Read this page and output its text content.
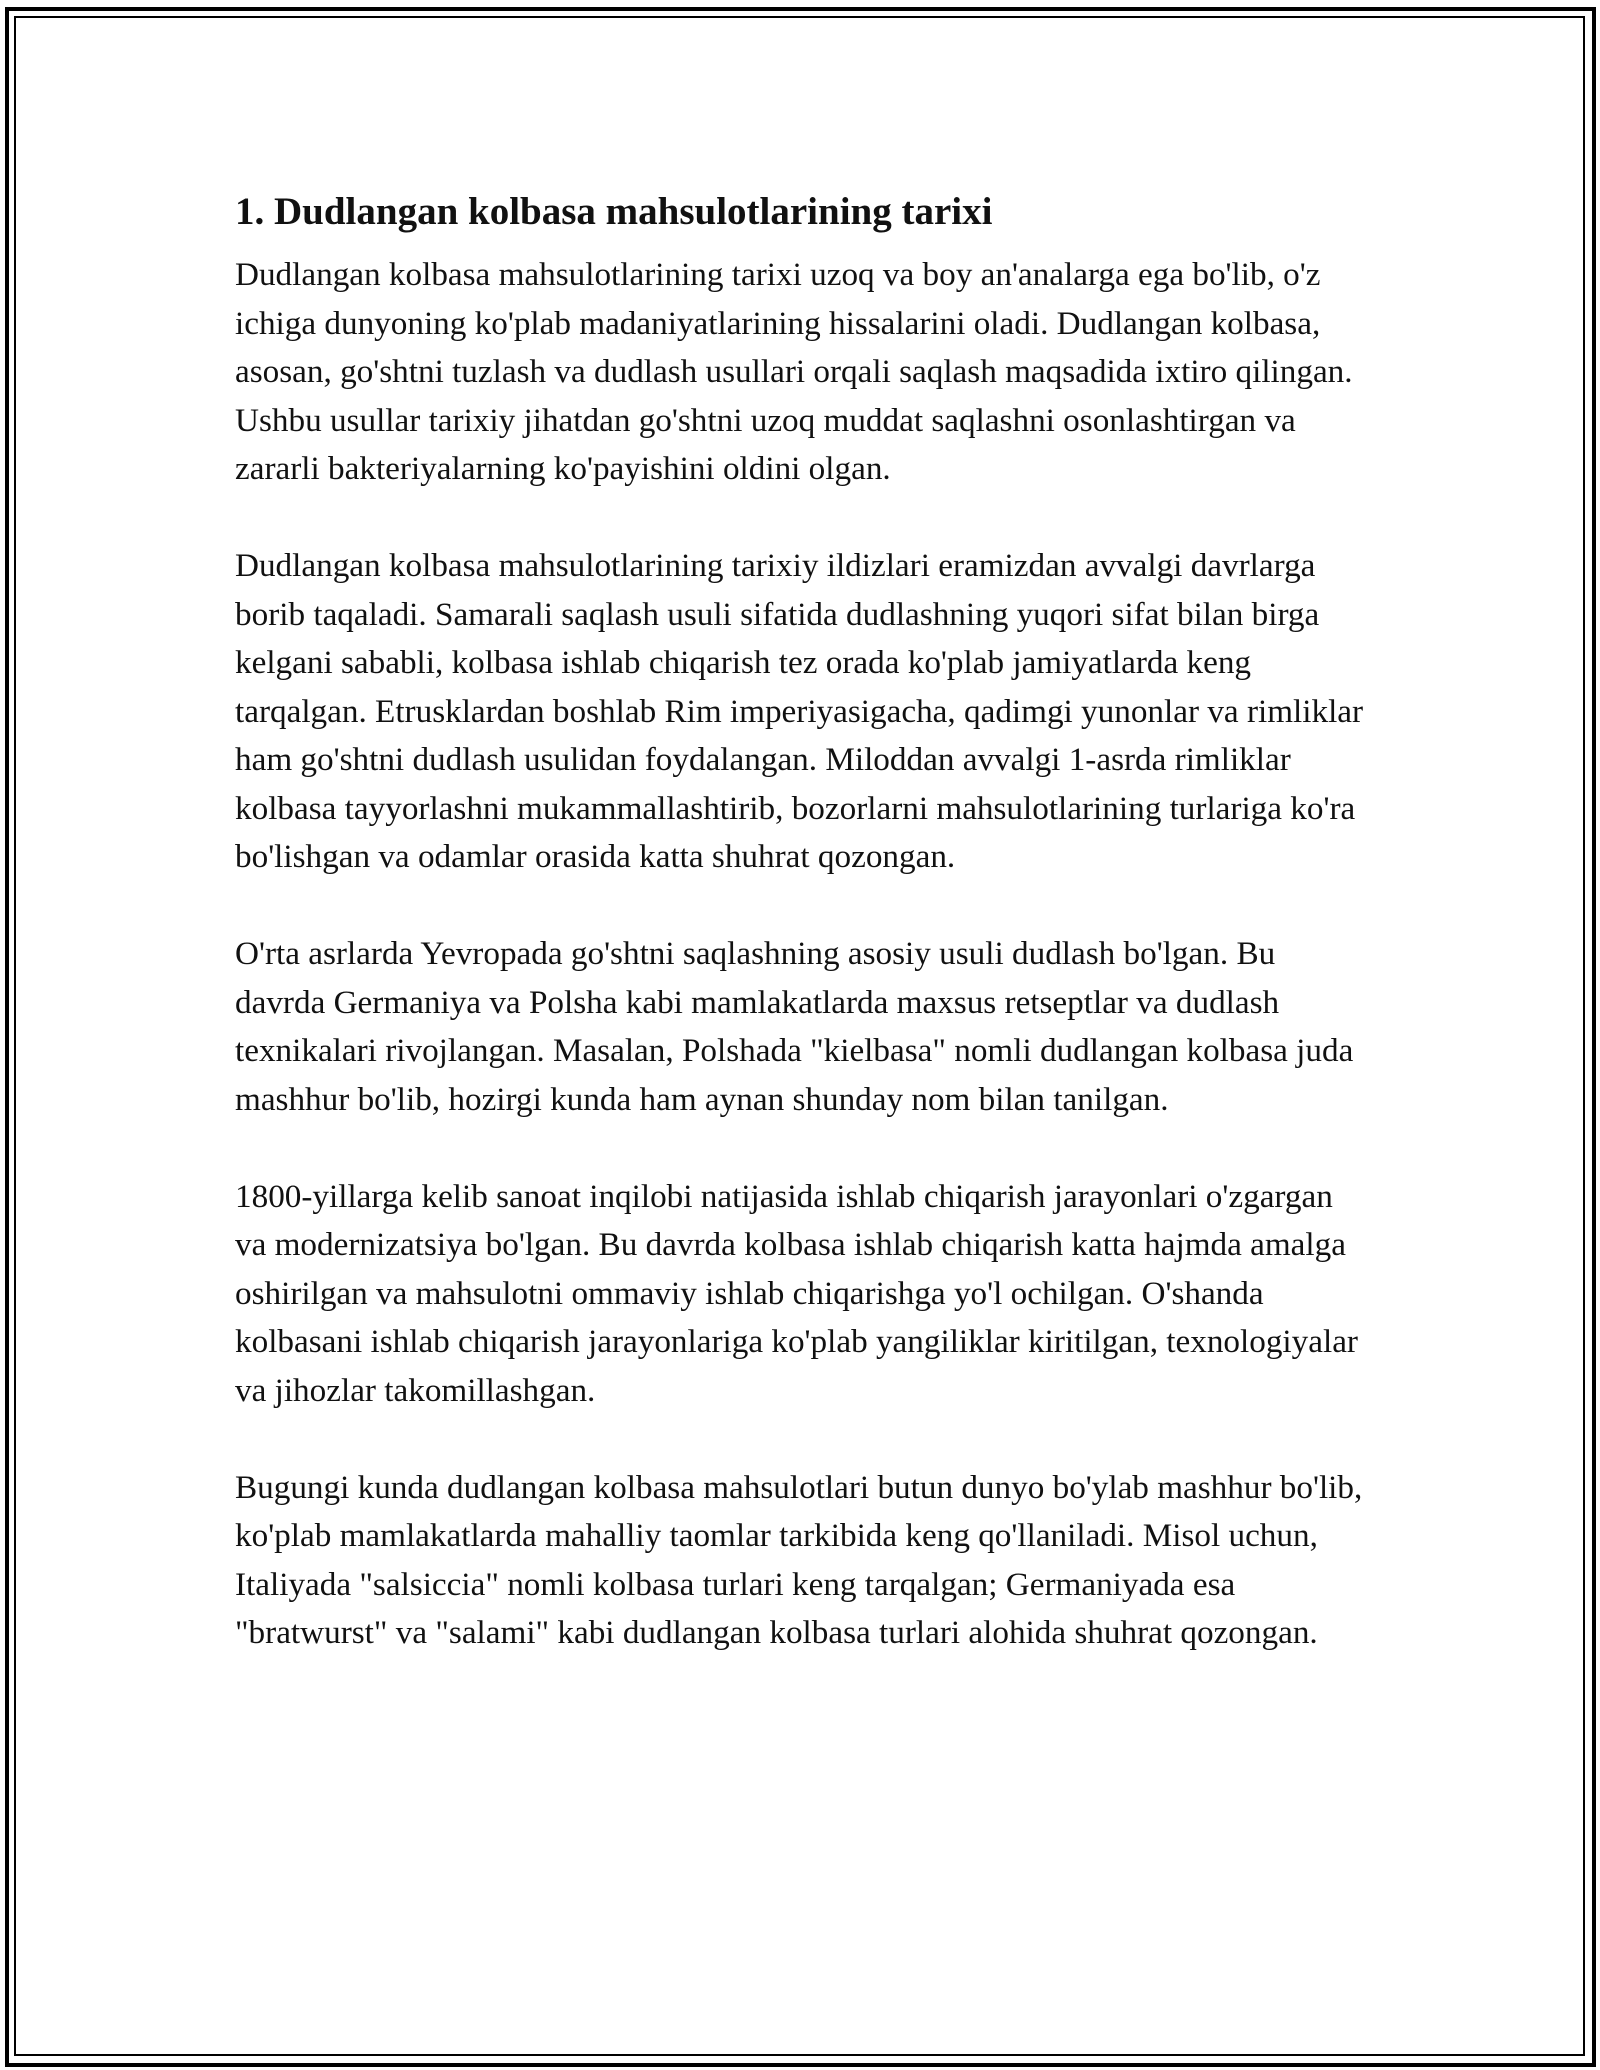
1. Dudlangan kolbasa mahsulotlarining tarixi

Dudlangan kolbasa mahsulotlarining tarixi uzoq va boy an'analarga ega bo'lib, o'z ichiga dunyoning ko'plab madaniyatlarining hissalarini oladi. Dudlangan kolbasa, asosan, go'shtni tuzlash va dudlash usullari orqali saqlash maqsadida ixtiro qilingan. Ushbu usullar tarixiy jihatdan go'shtni uzoq muddat saqlashni osonlashtirgan va zararli bakteriyalarning ko'payishini oldini olgan.

Dudlangan kolbasa mahsulotlarining tarixiy ildizlari eramizdan avvalgi davrlarga borib taqaladi. Samarali saqlash usuli sifatida dudlashning yuqori sifat bilan birga kelgani sababli, kolbasa ishlab chiqarish tez orada ko'plab jamiyatlarda keng tarqalgan. Etrusklardan boshlab Rim imperiyasigacha, qadimgi yunonlar va rimliklar ham go'shtni dudlash usulidan foydalangan. Miloddan avvalgi 1-asrda rimliklar kolbasa tayyorlashni mukammallashtirib, bozorlarni mahsulotlarining turlariga ko'ra bo'lishgan va odamlar orasida katta shuhrat qozongan.

O'rta asrlarda Yevropada go'shtni saqlashning asosiy usuli dudlash bo'lgan. Bu davrda Germaniya va Polsha kabi mamlakatlarda maxsus retseptlar va dudlash texnikalari rivojlangan. Masalan, Polshada "kielbasa" nomli dudlangan kolbasa juda mashhur bo'lib, hozirgi kunda ham aynan shunday nom bilan tanilgan.

1800-yillarga kelib sanoat inqilobi natijasida ishlab chiqarish jarayonlari o'zgargan va modernizatsiya bo'lgan. Bu davrda kolbasa ishlab chiqarish katta hajmda amalga oshirilgan va mahsulotni ommaviy ishlab chiqarishga yo'l ochilgan. O'shanda kolbasani ishlab chiqarish jarayonlariga ko'plab yangiliklar kiritilgan, texnologiyalar va jihozlar takomillashgan.

Bugungi kunda dudlangan kolbasa mahsulotlari butun dunyo bo'ylab mashhur bo'lib, ko'plab mamlakatlarda mahalliy taomlar tarkibida keng qo'llaniladi. Misol uchun, Italiyada "salsiccia" nomli kolbasa turlari keng tarqalgan; Germaniyada esa "bratwurst" va "salami" kabi dudlangan kolbasa turlari alohida shuhrat qozongan.
